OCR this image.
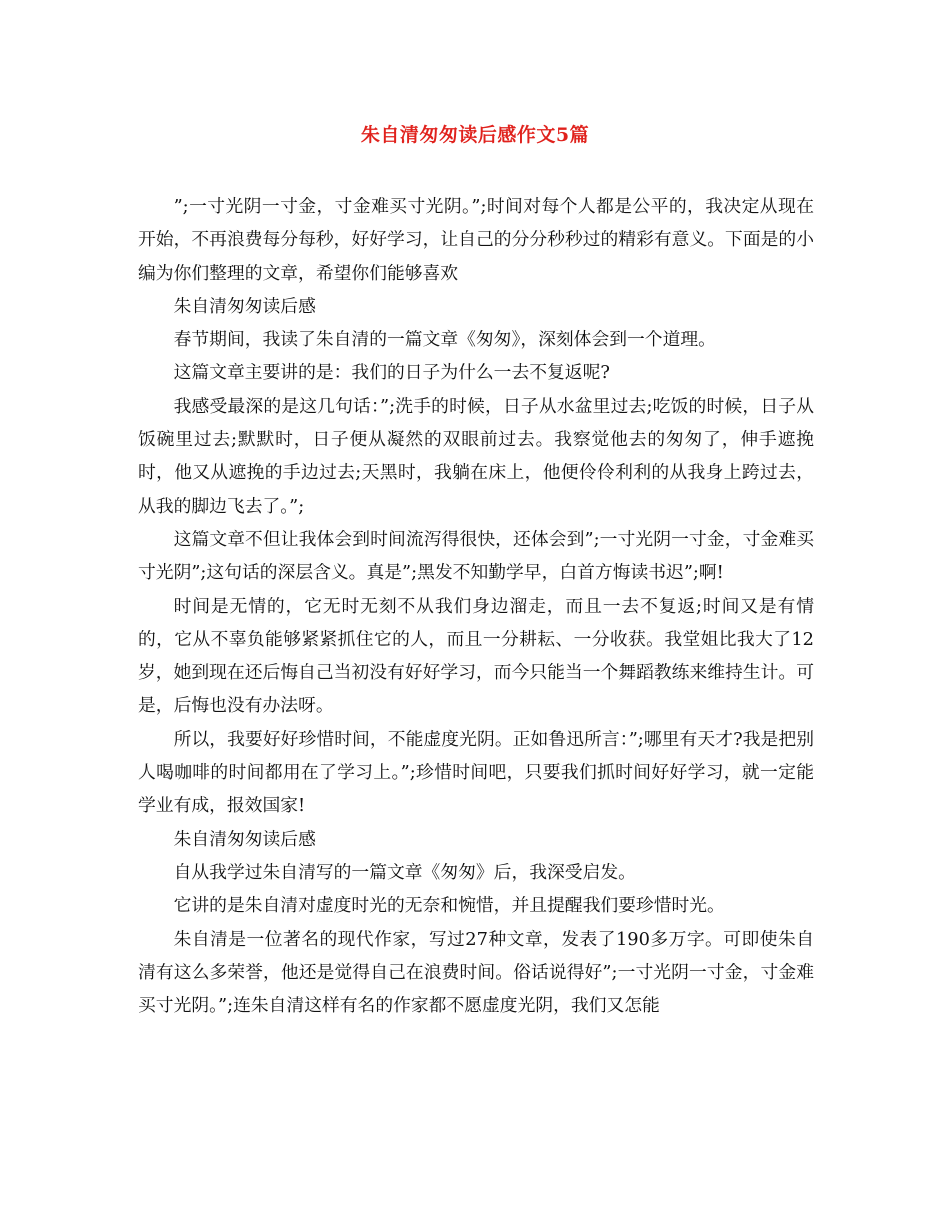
朱自清匆匆读后感作文5篇

”;一寸光阴一寸金，寸金难买寸光阴。”;时间对每个人都是公平的，我决定从现在开始，不再浪费每分每秒，好好学习，让自己的分分秒秒过的精彩有意义。下面是的小编为你们整理的文章，希望你们能够喜欢

朱自清匆匆读后感

春节期间，我读了朱自清的一篇文章《匆匆》，深刻体会到一个道理。

这篇文章主要讲的是：我们的日子为什么一去不复返呢?

我感受最深的是这几句话：”;洗手的时候，日子从水盆里过去;吃饭的时候，日子从饭碗里过去;默默时，日子便从凝然的双眼前过去。我察觉他去的匆匆了，伸手遮挽时，他又从遮挽的手边过去;天黑时，我躺在床上，他便伶伶利利的从我身上跨过去，从我的脚边飞去了。”;

这篇文章不但让我体会到时间流泻得很快，还体会到”;一寸光阴一寸金，寸金难买寸光阴”;这句话的深层含义。真是”;黑发不知勤学早，白首方悔读书迟”;啊!

时间是无情的，它无时无刻不从我们身边溜走，而且一去不复返;时间又是有情的，它从不辜负能够紧紧抓住它的人，而且一分耕耘、一分收获。我堂姐比我大了12岁，她到现在还后悔自己当初没有好好学习，而今只能当一个舞蹈教练来维持生计。可是，后悔也没有办法呀。

所以，我要好好珍惜时间，不能虚度光阴。正如鲁迅所言：”;哪里有天才?我是把别人喝咖啡的时间都用在了学习上。”;珍惜时间吧，只要我们抓时间好好学习，就一定能学业有成，报效国家!

朱自清匆匆读后感

自从我学过朱自清写的一篇文章《匆匆》后，我深受启发。

它讲的是朱自清对虚度时光的无奈和惋惜，并且提醒我们要珍惜时光。

朱自清是一位著名的现代作家，写过27种文章，发表了190多万字。可即使朱自清有这么多荣誉，他还是觉得自己在浪费时间。俗话说得好”;一寸光阴一寸金，寸金难买寸光阴。”;连朱自清这样有名的作家都不愿虚度光阴，我们又怎能
